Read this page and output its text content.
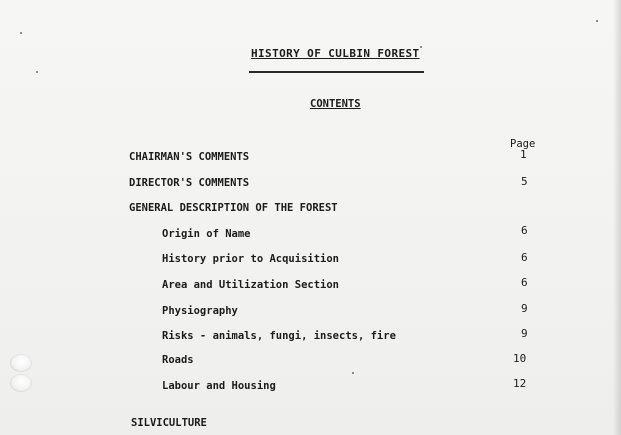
HISTORY OF CULBIN FOREST
CONTENTS
Page
CHAIRMAN'S COMMENTS	1
DIRECTOR'S COMMENTS	5
GENERAL DESCRIPTION OF THE FOREST
Origin of Name	6
History prior to Acquisition	6
Area and Utilization Section	6
Physiography	9
Risks - animals, fungi, insects, fire	9
Roads	10
Labour and Housing	12
SILVICULTURE
